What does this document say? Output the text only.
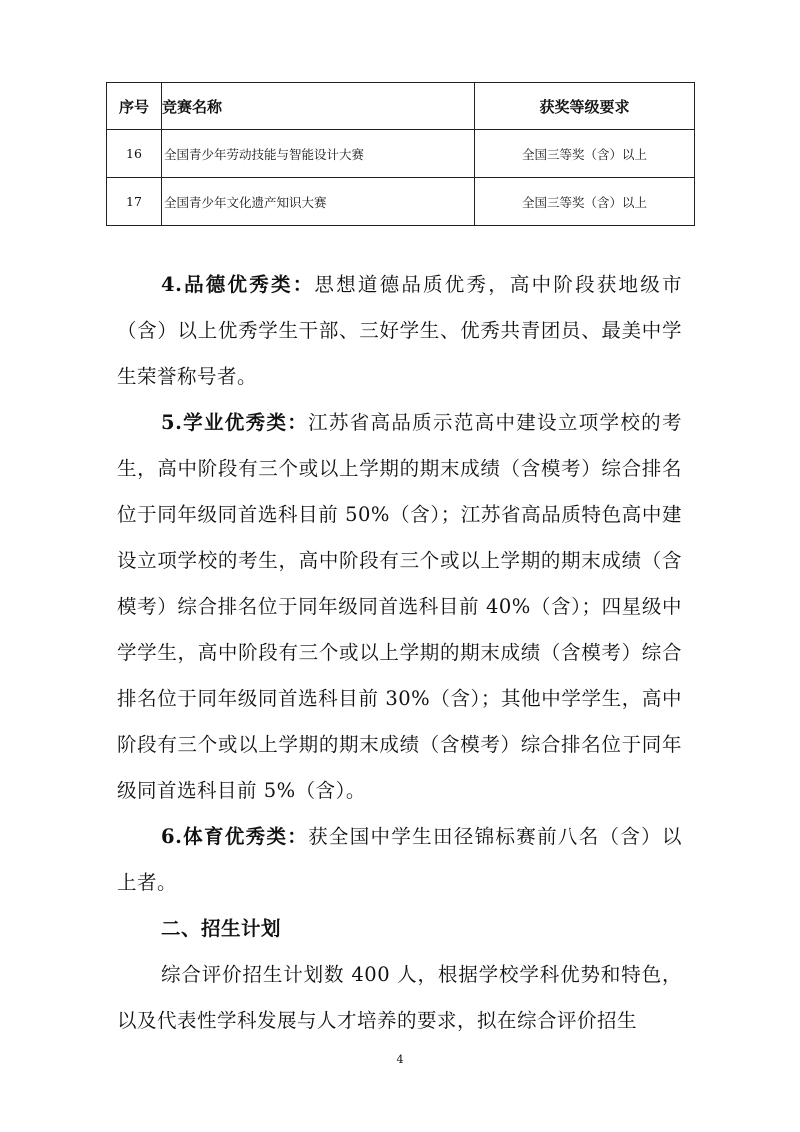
序号	竞赛名称	获奖等级要求
16	全国青少年劳动技能与智能设计大赛	全国三等奖（含）以上
17	全国青少年文化遗产知识大赛	全国三等奖（含）以上

4.品德优秀类：思想道德品质优秀，高中阶段获地级市（含）以上优秀学生干部、三好学生、优秀共青团员、最美中学生荣誉称号者。

5.学业优秀类：江苏省高品质示范高中建设立项学校的考生，高中阶段有三个或以上学期的期末成绩（含模考）综合排名位于同年级同首选科目前 50%（含）；江苏省高品质特色高中建设立项学校的考生，高中阶段有三个或以上学期的期末成绩（含模考）综合排名位于同年级同首选科目前 40%（含）；四星级中学学生，高中阶段有三个或以上学期的期末成绩（含模考）综合排名位于同年级同首选科目前 30%（含）；其他中学学生，高中阶段有三个或以上学期的期末成绩（含模考）综合排名位于同年级同首选科目前 5%（含）。

6.体育优秀类：获全国中学生田径锦标赛前八名（含）以上者。

二、招生计划

综合评价招生计划数 400 人，根据学校学科优势和特色，以及代表性学科发展与人才培养的要求，拟在综合评价招生

4
